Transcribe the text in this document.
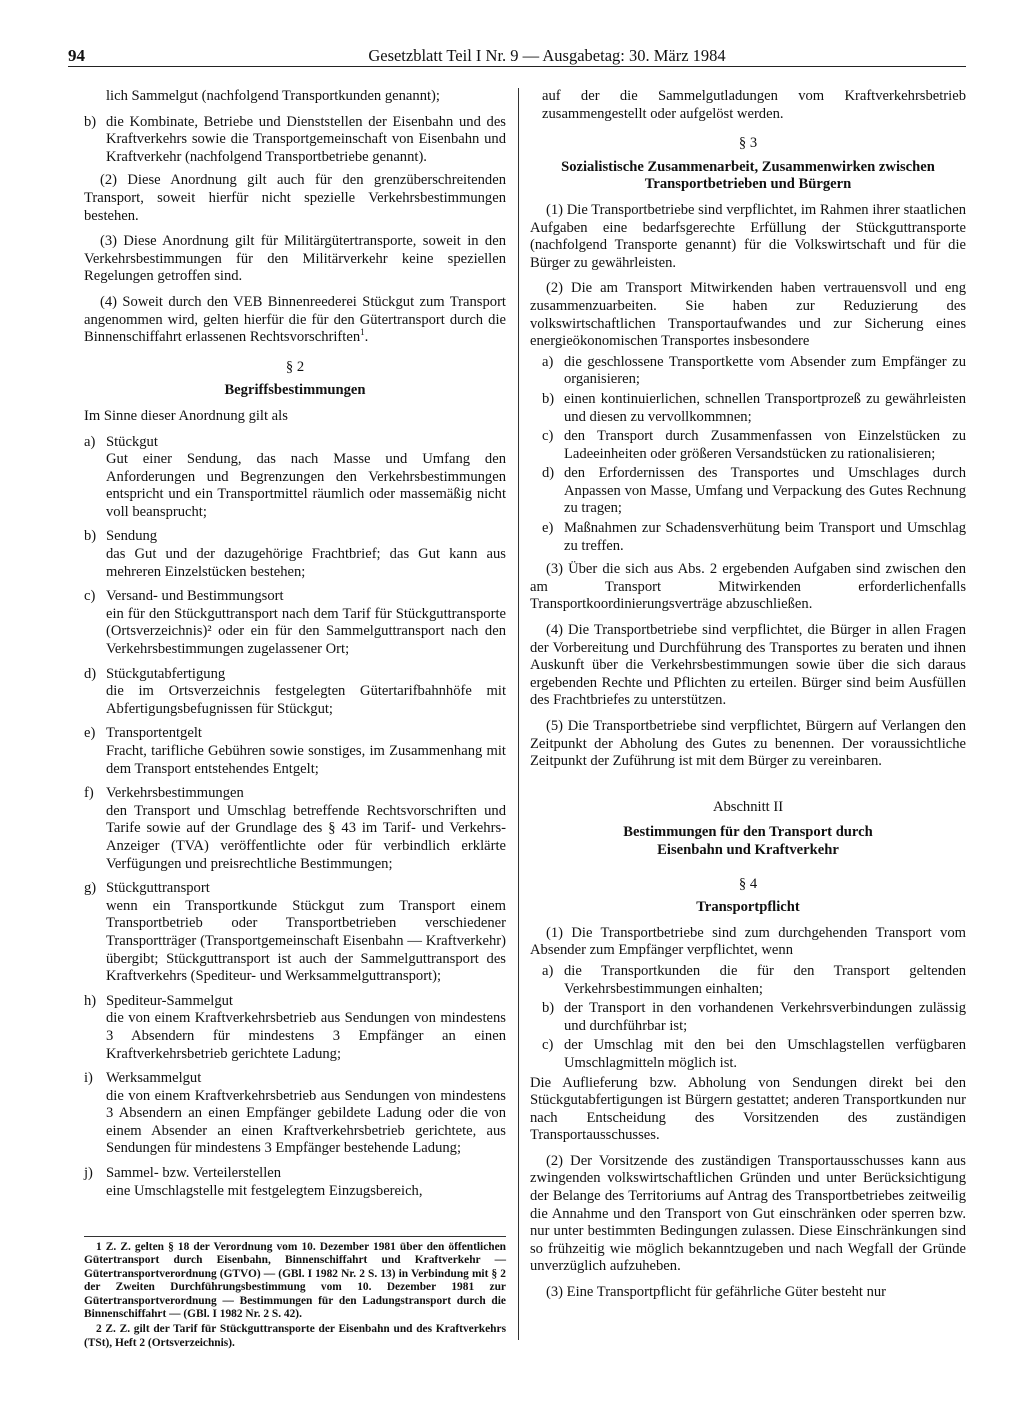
94	Gesetzblatt Teil I Nr. 9 — Ausgabetag: 30. März 1984

lich Sammelgut (nachfolgend Transportkunden genannt);

b) die Kombinate, Betriebe und Dienststellen der Eisenbahn und des Kraftverkehrs sowie die Transportgemeinschaft von Eisenbahn und Kraftverkehr (nachfolgend Transportbetriebe genannt).

(2) Diese Anordnung gilt auch für den grenzüberschreitenden Transport, soweit hierfür nicht spezielle Verkehrsbestimmungen bestehen.

(3) Diese Anordnung gilt für Militärgütertransporte, soweit in den Verkehrsbestimmungen für den Militärverkehr keine speziellen Regelungen getroffen sind.

(4) Soweit durch den VEB Binnenreederei Stückgut zum Transport angenommen wird, gelten hierfür die für den Gütertransport durch die Binnenschiffahrt erlassenen Rechtsvorschriften$^1$.

§ 2
Begriffsbestimmungen

Im Sinne dieser Anordnung gilt als

a) Stückgut
Gut einer Sendung, das nach Masse und Umfang den Anforderungen und Begrenzungen den Verkehrsbestimmungen entspricht und ein Transportmittel räumlich oder massemäßig nicht voll beansprucht;
b) Sendung
das Gut und der dazugehörige Frachtbrief; das Gut kann aus mehreren Einzelstücken bestehen;
c) Versand- und Bestimmungsort
ein für den Stückguttransport nach dem Tarif für Stückguttransporte (Ortsverzeichnis)² oder ein für den Sammelguttransport nach den Verkehrsbestimmungen zugelassener Ort;
d) Stückgutabfertigung
die im Ortsverzeichnis festgelegten Gütertarifbahnhöfe mit Abfertigungsbefugnissen für Stückgut;
e) Transportentgelt
Fracht, tarifliche Gebühren sowie sonstiges, im Zusammenhang mit dem Transport entstehendes Entgelt;
f) Verkehrsbestimmungen
den Transport und Umschlag betreffende Rechtsvorschriften und Tarife sowie auf der Grundlage des § 43 im Tarif- und Verkehrs-Anzeiger (TVA) veröffentlichte oder für verbindlich erklärte Verfügungen und preisrechtliche Bestimmungen;
g) Stückguttransport
wenn ein Transportkunde Stückgut zum Transport einem Transportbetrieb oder Transportbetrieben verschiedener Transportträger (Transportgemeinschaft Eisenbahn — Kraftverkehr) übergibt; Stückguttransport ist auch der Sammelguttransport des Kraftverkehrs (Spediteur- und Werksammelguttransport);
h) Spediteur-Sammelgut
die von einem Kraftverkehrsbetrieb aus Sendungen von mindestens 3 Absendern für mindestens 3 Empfänger an einen Kraftverkehrsbetrieb gerichtete Ladung;
i) Werksammelgut
die von einem Kraftverkehrsbetrieb aus Sendungen von mindestens 3 Absendern an einen Empfänger gebildete Ladung oder die von einem Absender an einen Kraftverkehrsbetrieb gerichtete, aus Sendungen für mindestens 3 Empfänger bestehende Ladung;
j) Sammel- bzw. Verteilerstellen
eine Umschlagstelle mit festgelegtem Einzugsbereich,

1 Z. Z. gelten § 18 der Verordnung vom 10. Dezember 1981 über den öffentlichen Gütertransport durch Eisenbahn, Binnenschiffahrt und Kraftverkehr — Gütertransportverordnung (GTVO) — (GBl. I 1982 Nr. 2 S. 13) in Verbindung mit § 2 der Zweiten Durchführungsbestimmung vom 10. Dezember 1981 zur Gütertransportverordnung — Bestimmungen für den Ladungstransport durch die Binnenschiffahrt — (GBl. I 1982 Nr. 2 S. 42).

2 Z. Z. gilt der Tarif für Stückguttransporte der Eisenbahn und des Kraftverkehrs (TSt), Heft 2 (Ortsverzeichnis).

auf der die Sammelgutladungen vom Kraftverkehrsbetrieb zusammengestellt oder aufgelöst werden.

§ 3
Sozialistische Zusammenarbeit, Zusammenwirken zwischen Transportbetrieben und Bürgern

(1) Die Transportbetriebe sind verpflichtet, im Rahmen ihrer staatlichen Aufgaben eine bedarfsgerechte Erfüllung der Stückguttransporte (nachfolgend Transporte genannt) für die Volkswirtschaft und für die Bürger zu gewährleisten.

(2) Die am Transport Mitwirkenden haben vertrauensvoll und eng zusammenzuarbeiten. Sie haben zur Reduzierung des volkswirtschaftlichen Transportaufwandes und zur Sicherung eines energieökonomischen Transportes insbesondere

a) die geschlossene Transportkette vom Absender zum Empfänger zu organisieren;
b) einen kontinuierlichen, schnellen Transportprozeß zu gewährleisten und diesen zu vervollkommnen;
c) den Transport durch Zusammenfassen von Einzelstücken zu Ladeeinheiten oder größeren Versandstücken zu rationalisieren;
d) den Erfordernissen des Transportes und Umschlages durch Anpassen von Masse, Umfang und Verpackung des Gutes Rechnung zu tragen;
e) Maßnahmen zur Schadensverhütung beim Transport und Umschlag zu treffen.

(3) Über die sich aus Abs. 2 ergebenden Aufgaben sind zwischen den am Transport Mitwirkenden erforderlichenfalls Transportkoordinierungsverträge abzuschließen.

(4) Die Transportbetriebe sind verpflichtet, die Bürger in allen Fragen der Vorbereitung und Durchführung des Transportes zu beraten und ihnen Auskunft über die Verkehrsbestimmungen sowie über die sich daraus ergebenden Rechte und Pflichten zu erteilen. Bürger sind beim Ausfüllen des Frachtbriefes zu unterstützen.

(5) Die Transportbetriebe sind verpflichtet, Bürgern auf Verlangen den Zeitpunkt der Abholung des Gutes zu benennen. Der voraussichtliche Zeitpunkt der Zuführung ist mit dem Bürger zu vereinbaren.

Abschnitt II
Bestimmungen für den Transport durch Eisenbahn und Kraftverkehr
§ 4
Transportpflicht

(1) Die Transportbetriebe sind zum durchgehenden Transport vom Absender zum Empfänger verpflichtet, wenn

a) die Transportkunden die für den Transport geltenden Verkehrsbestimmungen einhalten;
b) der Transport in den vorhandenen Verkehrsverbindungen zulässig und durchführbar ist;
c) der Umschlag mit den bei den Umschlagstellen verfügbaren Umschlagmitteln möglich ist.

Die Auflieferung bzw. Abholung von Sendungen direkt bei den Stückgutabfertigungen ist Bürgern gestattet; anderen Transportkunden nur nach Entscheidung des Vorsitzenden des zuständigen Transportausschusses.

(2) Der Vorsitzende des zuständigen Transportausschusses kann aus zwingenden volkswirtschaftlichen Gründen und unter Berücksichtigung der Belange des Territoriums auf Antrag des Transportbetriebes zeitweilig die Annahme und den Transport von Gut einschränken oder sperren bzw. nur unter bestimmten Bedingungen zulassen. Diese Einschränkungen sind so frühzeitig wie möglich bekanntzugeben und nach Wegfall der Gründe unverzüglich aufzuheben.

(3) Eine Transportpflicht für gefährliche Güter besteht nur
